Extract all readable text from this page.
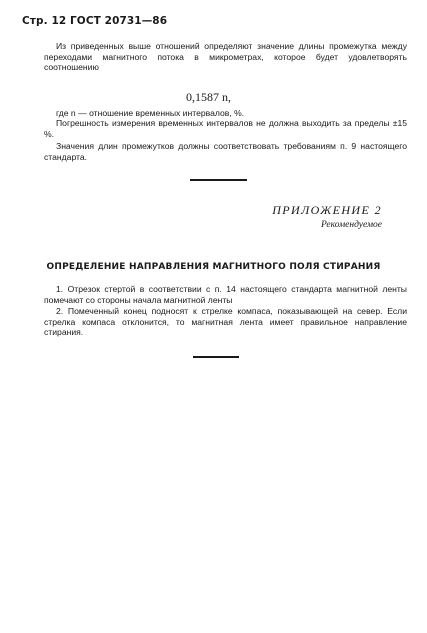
Стр. 12 ГОСТ 20731—86
Из приведенных выше отношений определяют значение длины промежутка между переходами магнитного потока в микрометрах, которое будет удовлетворять соотношению
0,1587 n,
где n — отношение временных интервалов, %.
Погрешность измерения временных интервалов не должна выходить за пределы ±15 %.
Значения длин промежутков должны соответствовать требованиям п. 9 настоящего стандарта.
ПРИЛОЖЕНИЕ 2
Рекомендуемое
ОПРЕДЕЛЕНИЕ НАПРАВЛЕНИЯ МАГНИТНОГО ПОЛЯ СТИРАНИЯ
1. Отрезок стертой в соответствии с п. 14 настоящего стандарта магнитной ленты помечают со стороны начала магнитной ленты
2. Помеченный конец подносят к стрелке компаса, показывающей на север. Если стрелка компаса отклонится, то магнитная лента имеет правильное направление стирания.
